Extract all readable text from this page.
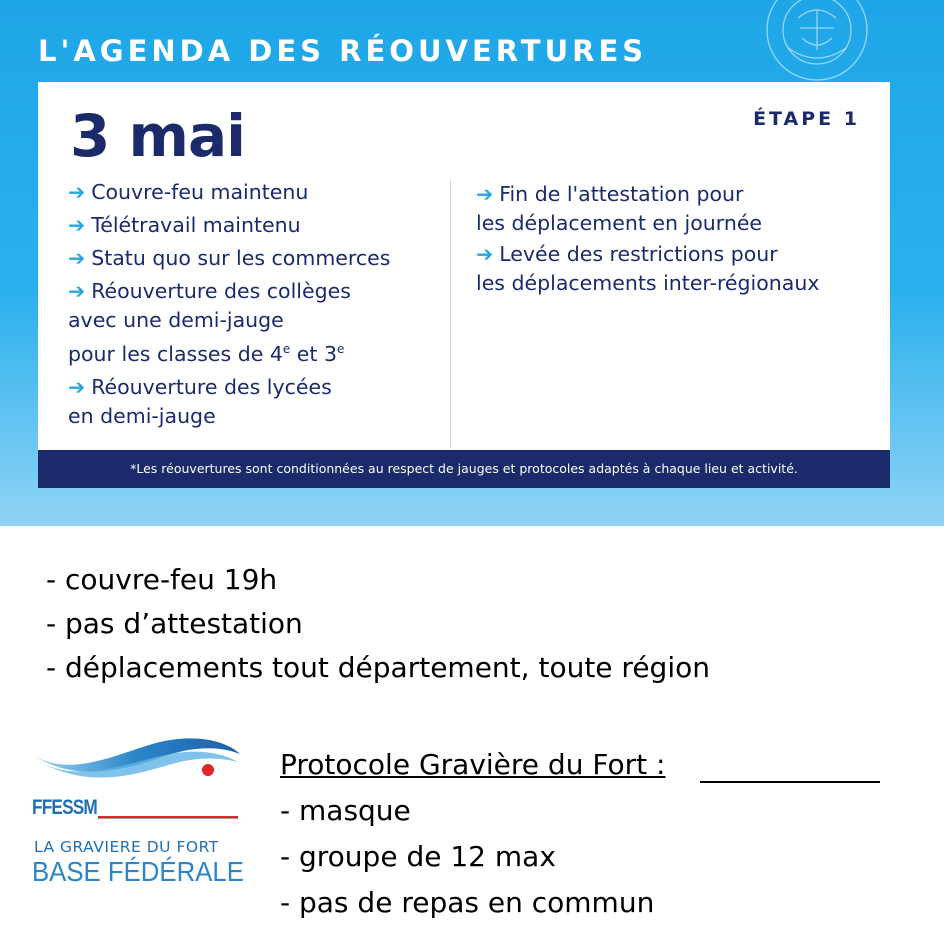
L'AGENDA DES RÉOUVERTURES
3 mai	ÉTAPE 1
➔ Couvre-feu maintenu
➔ Télétravail maintenu
➔ Statu quo sur les commerces
➔ Réouverture des collèges
avec une demi-jauge
pour les classes de 4e et 3e
➔ Réouverture des lycées
en demi-jauge
➔ Fin de l'attestation pour
les déplacement en journée
➔ Levée des restrictions pour
les déplacements inter-régionaux
*Les réouvertures sont conditionnées au respect de jauges et protocoles adaptés à chaque lieu et activité.
- couvre-feu 19h
- pas d’attestation
- déplacements tout département, toute région
FFESSM
LA GRAVIERE DU FORT
BASE FÉDÉRALE
Protocole Gravière du Fort :
- masque
- groupe de 12 max
- pas de repas en commun
